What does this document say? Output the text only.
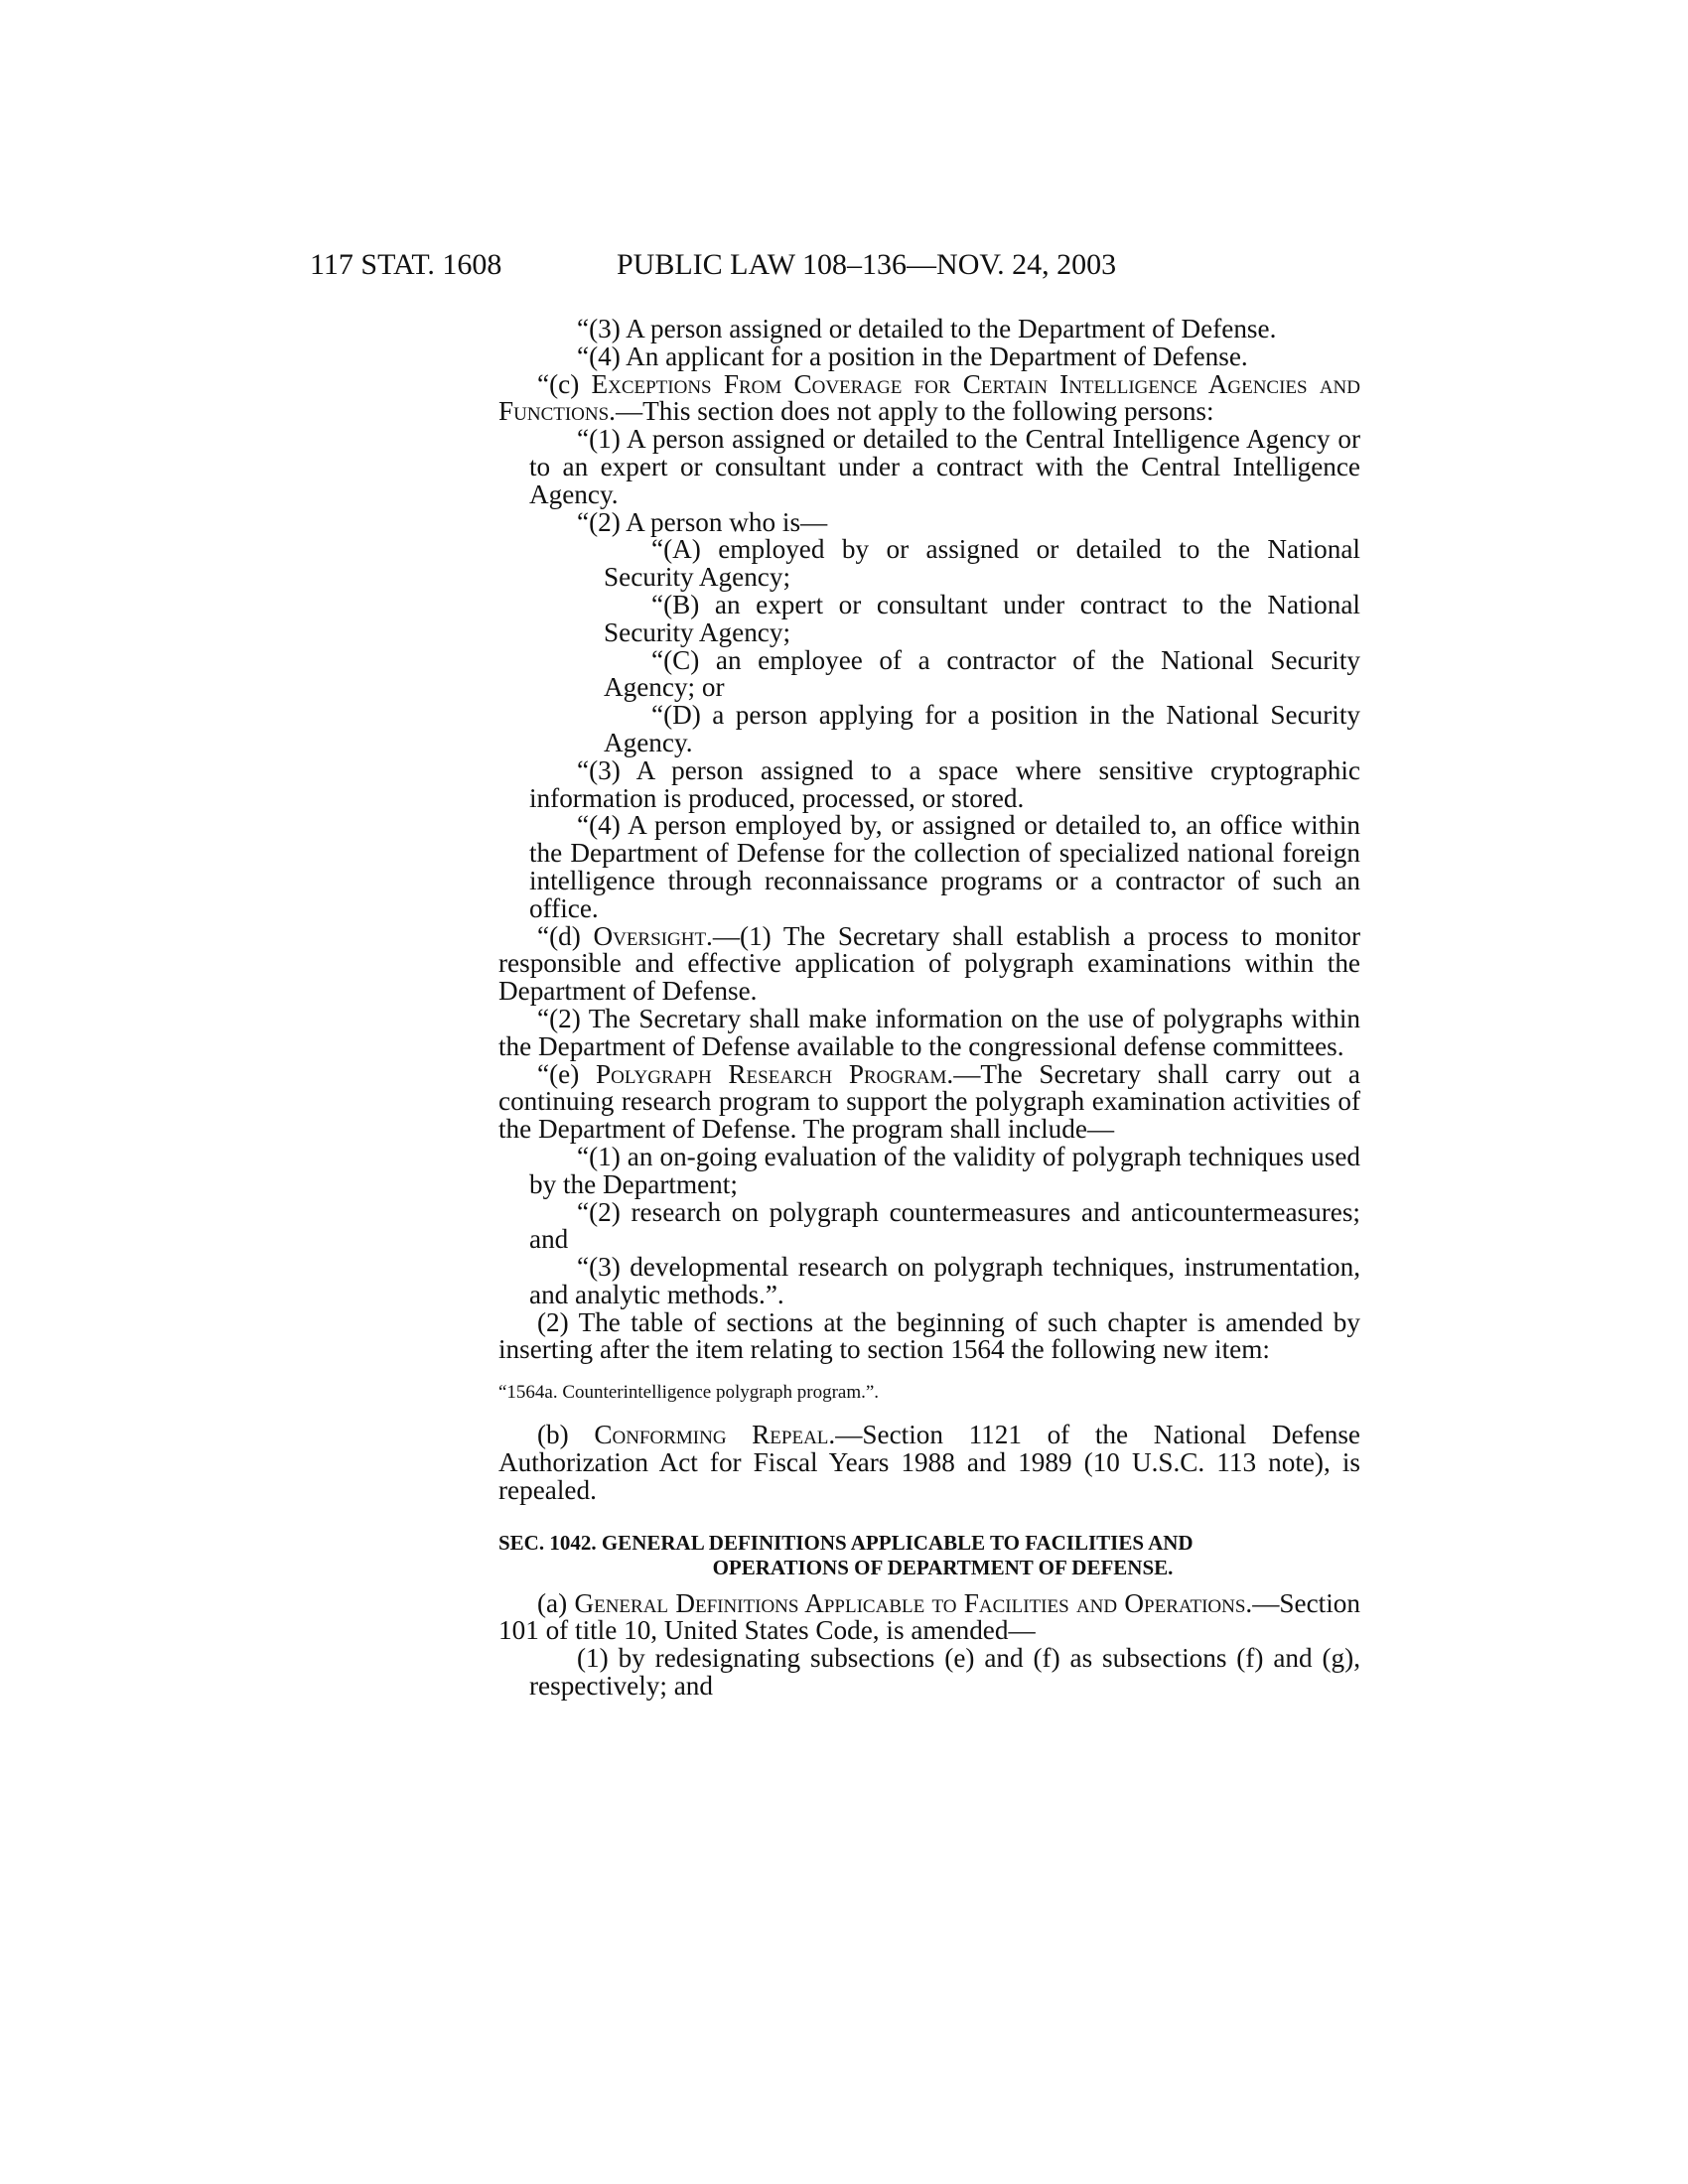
117 STAT. 1608	PUBLIC LAW 108–136—NOV. 24, 2003

“(3) A person assigned or detailed to the Department of Defense.

“(4) An applicant for a position in the Department of Defense.

“(c) Exceptions From Coverage for Certain Intelligence Agencies and Functions.—This section does not apply to the following persons:

“(1) A person assigned or detailed to the Central Intelligence Agency or to an expert or consultant under a contract with the Central Intelligence Agency.

“(2) A person who is—

“(A) employed by or assigned or detailed to the National Security Agency;

“(B) an expert or consultant under contract to the National Security Agency;

“(C) an employee of a contractor of the National Security Agency; or

“(D) a person applying for a position in the National Security Agency.

“(3) A person assigned to a space where sensitive cryptographic information is produced, processed, or stored.

“(4) A person employed by, or assigned or detailed to, an office within the Department of Defense for the collection of specialized national foreign intelligence through reconnaissance programs or a contractor of such an office.

“(d) Oversight.—(1) The Secretary shall establish a process to monitor responsible and effective application of polygraph examinations within the Department of Defense.

“(2) The Secretary shall make information on the use of polygraphs within the Department of Defense available to the congressional defense committees.

“(e) Polygraph Research Program.—The Secretary shall carry out a continuing research program to support the polygraph examination activities of the Department of Defense. The program shall include—

“(1) an on-going evaluation of the validity of polygraph techniques used by the Department;

“(2) research on polygraph countermeasures and anticountermeasures; and

“(3) developmental research on polygraph techniques, instrumentation, and analytic methods.”.

(2) The table of sections at the beginning of such chapter is amended by inserting after the item relating to section 1564 the following new item:

“1564a. Counterintelligence polygraph program.”.

(b) Conforming Repeal.—Section 1121 of the National Defense Authorization Act for Fiscal Years 1988 and 1989 (10 U.S.C. 113 note), is repealed.

SEC. 1042. GENERAL DEFINITIONS APPLICABLE TO FACILITIES AND
OPERATIONS OF DEPARTMENT OF DEFENSE.

(a) General Definitions Applicable to Facilities and Operations.—Section 101 of title 10, United States Code, is amended—

(1) by redesignating subsections (e) and (f) as subsections (f) and (g), respectively; and
